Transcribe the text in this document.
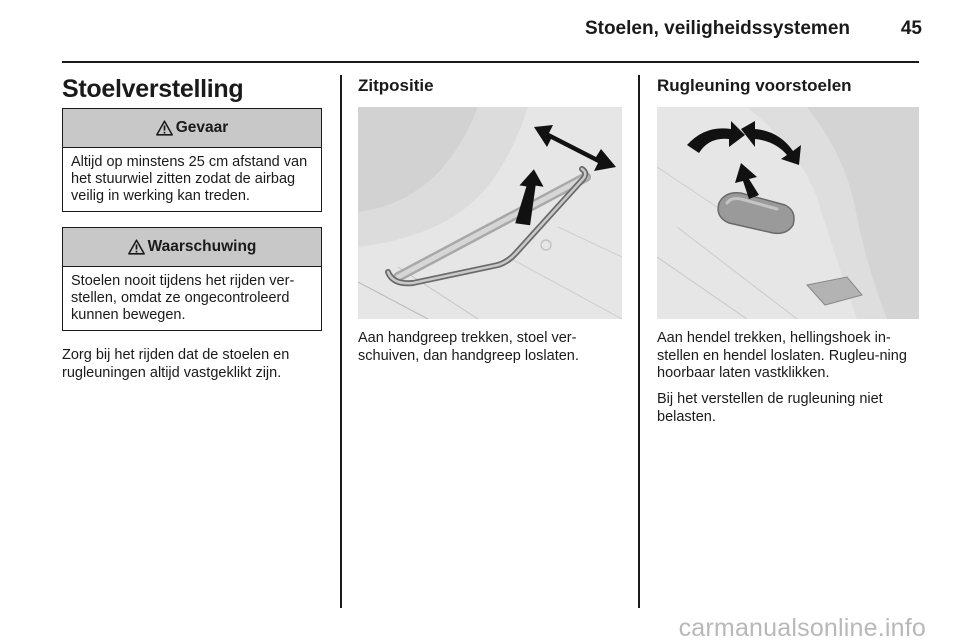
Stoelen, veiligheidssystemen	45
Stoelverstelling
Gevaar
Altijd op minstens 25 cm afstand van het stuurwiel zitten zodat de airbag veilig in werking kan treden.
Waarschuwing
Stoelen nooit tijdens het rijden ver-stellen, omdat ze ongecontroleerd kunnen bewegen.
Zorg bij het rijden dat de stoelen en rugleuningen altijd vastgeklikt zijn.
Zitpositie
Aan handgreep trekken, stoel ver-schuiven, dan handgreep loslaten.
Rugleuning voorstoelen
Aan hendel trekken, hellingshoek in-stellen en hendel loslaten. Rugleu-ning hoorbaar laten vastklikken.
Bij het verstellen de rugleuning niet belasten.
carmanualsonline.info
